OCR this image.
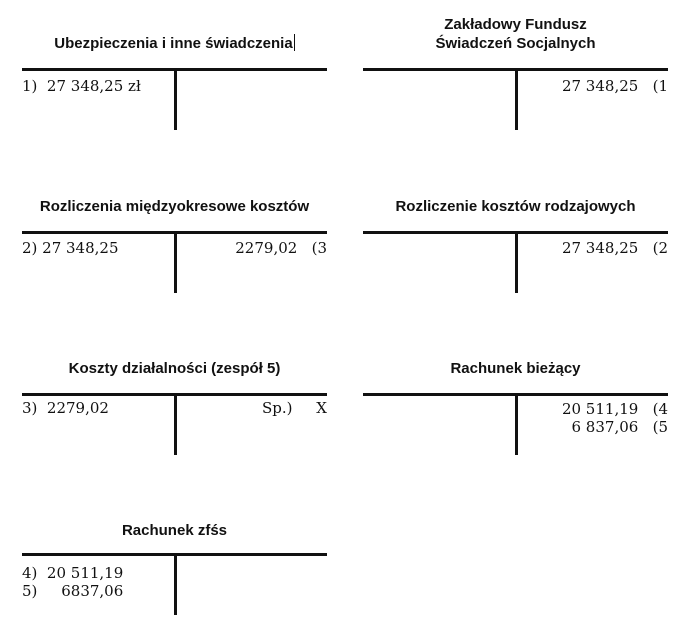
Ubezpieczenia i inne świadczenia
1)  27 348,25 zł
Zakładowy Fundusz
Świadczeń Socjalnych
27 348,25   (1
Rozliczenia międzyokresowe kosztów
2) 27 348,25	2279,02   (3
Rozliczenie kosztów rodzajowych
27 348,25   (2
Koszty działalności (zespół 5)
3)  2279,02	Sp.)     X
Rachunek bieżący
20 511,19   (4
6 837,06   (5
Rachunek zfśs
4)  20 511,19
5)     6837,06
